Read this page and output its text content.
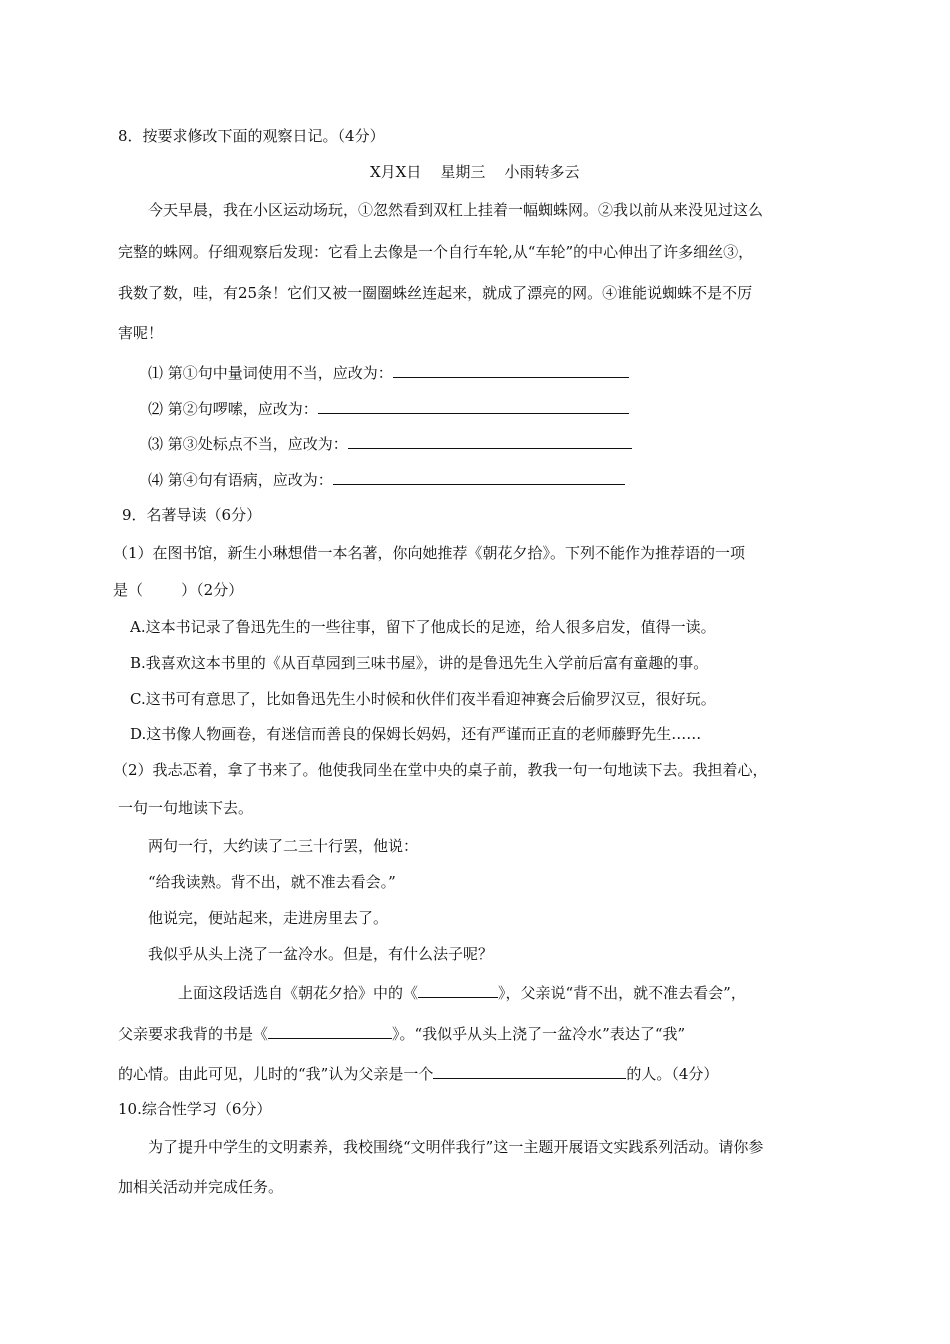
8．按要求修改下面的观察日记。（4分）
X月X日    星期三    小雨转多云
今天早晨，我在小区运动场玩，①忽然看到双杠上挂着一幅蜘蛛网。②我以前从来没见过这么
完整的蛛网。仔细观察后发现：它看上去像是一个自行车轮,从“车轮”的中心伸出了许多细丝③，
我数了数，哇，有25条！它们又被一圈圈蛛丝连起来，就成了漂亮的网。④谁能说蜘蛛不是不厉
害呢！
⑴ 第①句中量词使用不当，应改为：
⑵ 第②句啰嗦，应改为：
⑶ 第③处标点不当，应改为：
⑷ 第④句有语病，应改为：
9．名著导读（6分）
（1）在图书馆，新生小琳想借一本名著，你向她推荐《朝花夕拾》。下列不能作为推荐语的一项
是（        ）（2分）
A.这本书记录了鲁迅先生的一些往事，留下了他成长的足迹，给人很多启发，值得一读。
B.我喜欢这本书里的《从百草园到三味书屋》，讲的是鲁迅先生入学前后富有童趣的事。
C.这书可有意思了，比如鲁迅先生小时候和伙伴们夜半看迎神赛会后偷罗汉豆，很好玩。
D.这书像人物画卷，有迷信而善良的保姆长妈妈，还有严谨而正直的老师藤野先生……
（2）我忐忑着，拿了书来了。他使我同坐在堂中央的桌子前，教我一句一句地读下去。我担着心，
一句一句地读下去。
两句一行，大约读了二三十行罢，他说：
“给我读熟。背不出，就不准去看会。”
他说完，便站起来，走进房里去了。
我似乎从头上浇了一盆冷水。但是，有什么法子呢？
上面这段话选自《朝花夕拾》中的《	》，父亲说“背不出，就不准去看会”，
父亲要求我背的书是《	》。“我似乎从头上浇了一盆冷水”表达了“我”
的心情。由此可见，儿时的“我”认为父亲是一个	的人。（4分）
10.综合性学习（6分）
为了提升中学生的文明素养，我校围绕“文明伴我行”这一主题开展语文实践系列活动。请你参
加相关活动并完成任务。
